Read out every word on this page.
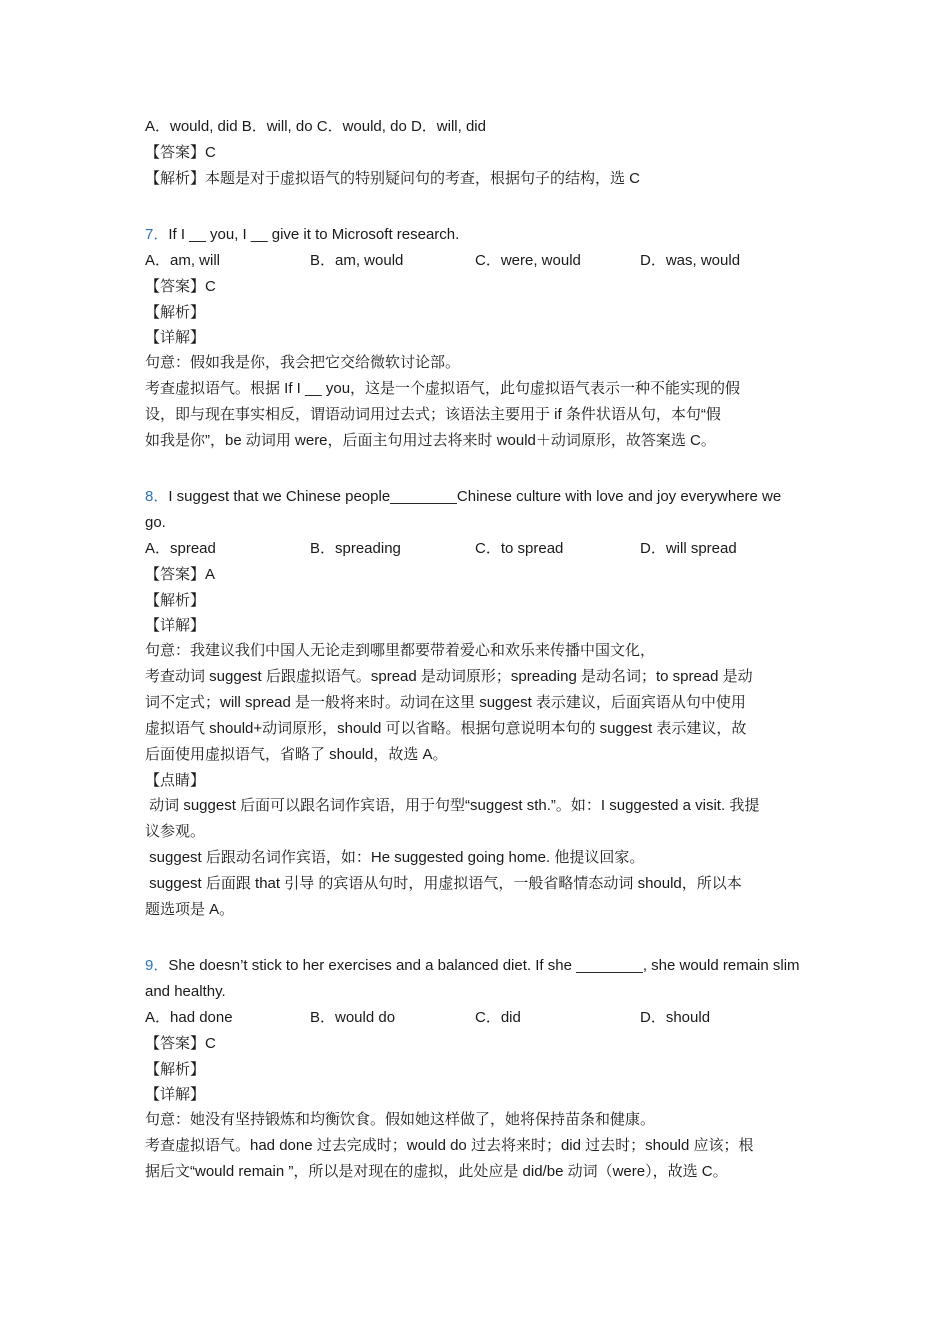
A．would, did B．will, do C．would, do D．will, did
【答案】C
【解析】本题是对于虚拟语气的特别疑问句的考查，根据句子的结构，选 C
7．If I __ you, I __ give it to Microsoft research.
A．am, will	B．am, would	C．were, would	D．was, would
【答案】C
【解析】
【详解】
句意：假如我是你，我会把它交给微软讨论部。
考查虚拟语气。根据 If I __ you，这是一个虚拟语气，此句虚拟语气表示一种不能实现的假
设，即与现在事实相反，谓语动词用过去式；该语法主要用于 if 条件状语从句，本句“假
如我是你”，be 动词用 were，后面主句用过去将来时 would＋动词原形，故答案选 C。
8．I suggest that we Chinese people________Chinese culture with love and joy everywhere we
go.
A．spread	B．spreading	C．to spread	D．will spread
【答案】A
【解析】
【详解】
句意：我建议我们中国人无论走到哪里都要带着爱心和欢乐来传播中国文化，
考查动词 suggest 后跟虚拟语气。spread 是动词原形；spreading 是动名词；to spread 是动
词不定式；will spread 是一般将来时。动词在这里 suggest 表示建议，后面宾语从句中使用
虚拟语气 should+动词原形，should 可以省略。根据句意说明本句的 suggest 表示建议，故
后面使用虚拟语气，省略了 should，故选 A。
【点睛】
动词 suggest 后面可以跟名词作宾语，用于句型“suggest sth.”。如：I suggested a visit. 我提
议参观。
suggest 后跟动名词作宾语，如：He suggested going home. 他提议回家。
suggest 后面跟 that 引导 的宾语从句时，用虚拟语气，一般省略情态动词 should，所以本
题选项是 A。
9．She doesn’t stick to her exercises and a balanced diet. If she ________, she would remain slim
and healthy.
A．had done	B．would do	C．did	D．should
【答案】C
【解析】
【详解】
句意：她没有坚持锻炼和均衡饮食。假如她这样做了，她将保持苗条和健康。
考查虚拟语气。had done 过去完成时；would do 过去将来时；did 过去时；should 应该；根
据后文“would remain ”，所以是对现在的虚拟，此处应是 did/be 动词（were），故选 C。
